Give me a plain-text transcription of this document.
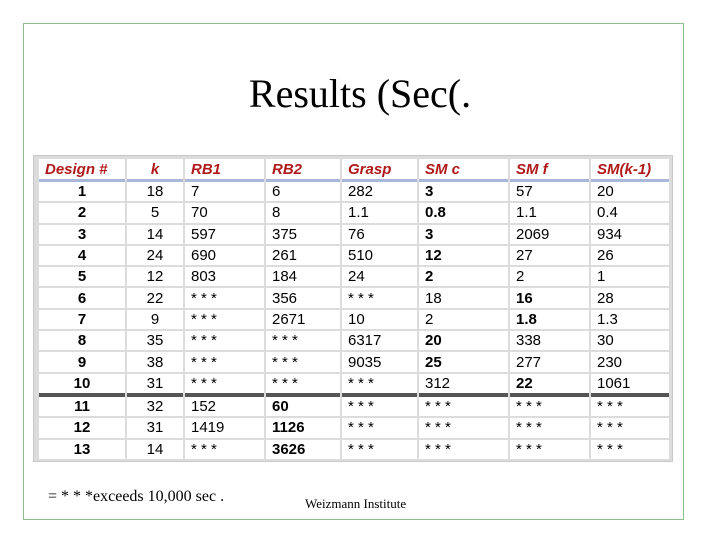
Results (Sec(.
Design #	k	RB1	RB2	Grasp	SM c	SM f	SM(k-1)
1	18	7	6	282	3	57	20
2	5	70	8	1.1	0.8	1.1	0.4
3	14	597	375	76	3	2069	934
4	24	690	261	510	12	27	26
5	12	803	184	24	2	2	1
6	22	* * *	356	* * *	18	16	28
7	9	* * *	2671	10	2	1.8	1.3
8	35	* * *	* * *	6317	20	338	30
9	38	* * *	* * *	9035	25	277	230
10	31	* * *	* * *	* * *	312	22	1061
11	32	152	60	* * *	* * *	* * *	* * *
12	31	1419	1126	* * *	* * *	* * *	* * *
13	14	* * *	3626	* * *	* * *	* * *	* * *
= * * *exceeds 10,000 sec .	Weizmann Institute
